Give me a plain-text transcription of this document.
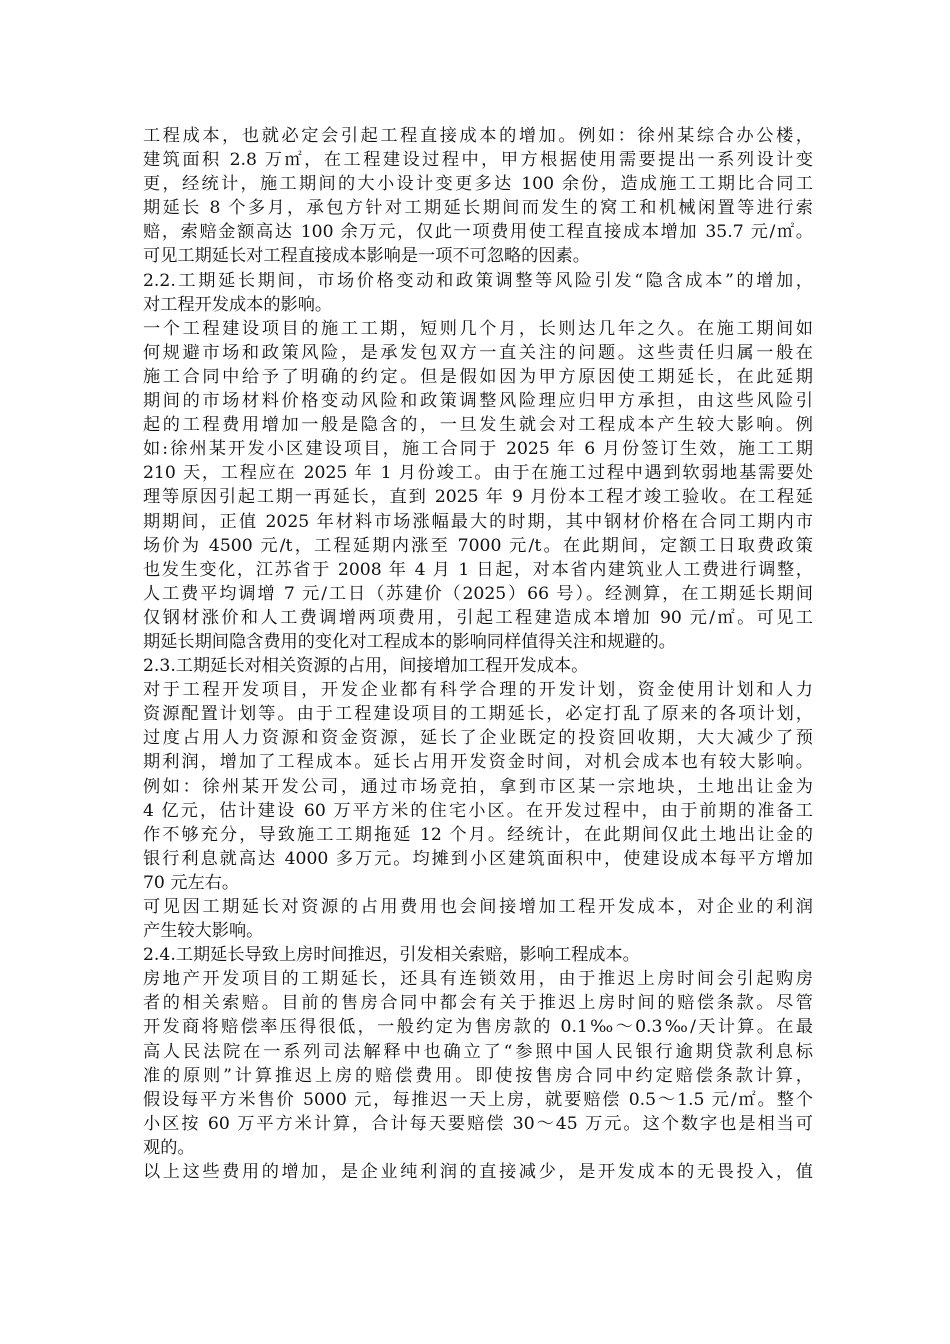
工程成本，也就必定会引起工程直接成本的增加。例如：徐州某综合办公楼，
建筑面积 2.8 万㎡，在工程建设过程中，甲方根据使用需要提出一系列设计变
更，经统计，施工期间的大小设计变更多达 100 余份，造成施工工期比合同工
期延长 8 个多月，承包方针对工期延长期间而发生的窝工和机械闲置等进行索
赔，索赔金额高达 100 余万元，仅此一项费用使工程直接成本增加 35.7 元/㎡。
可见工期延长对工程直接成本影响是一项不可忽略的因素。
2.2.工期延长期间，市场价格变动和政策调整等风险引发“隐含成本”的增加，
对工程开发成本的影响。
一个工程建设项目的施工工期，短则几个月，长则达几年之久。在施工期间如
何规避市场和政策风险，是承发包双方一直关注的问题。这些责任归属一般在
施工合同中给予了明确的约定。但是假如因为甲方原因使工期延长，在此延期
期间的市场材料价格变动风险和政策调整风险理应归甲方承担，由这些风险引
起的工程费用增加一般是隐含的，一旦发生就会对工程成本产生较大影响。例
如:徐州某开发小区建设项目，施工合同于 2025 年 6 月份签订生效，施工工期
210 天，工程应在 2025 年 1 月份竣工。由于在施工过程中遇到软弱地基需要处
理等原因引起工期一再延长，直到 2025 年 9 月份本工程才竣工验收。在工程延
期期间，正值 2025 年材料市场涨幅最大的时期，其中钢材价格在合同工期内市
场价为 4500 元/t，工程延期内涨至 7000 元/t。在此期间，定额工日取费政策
也发生变化，江苏省于 2008 年 4 月 1 日起，对本省内建筑业人工费进行调整，
人工费平均调增 7 元/工日（苏建价（2025）66 号）。经测算，在工期延长期间
仅钢材涨价和人工费调增两项费用，引起工程建造成本增加 90 元/㎡。可见工
期延长期间隐含费用的变化对工程成本的影响同样值得关注和规避的。
2.3.工期延长对相关资源的占用，间接增加工程开发成本。
对于工程开发项目，开发企业都有科学合理的开发计划，资金使用计划和人力
资源配置计划等。由于工程建设项目的工期延长，必定打乱了原来的各项计划，
过度占用人力资源和资金资源，延长了企业既定的投资回收期，大大减少了预
期利润，增加了工程成本。延长占用开发资金时间，对机会成本也有较大影响。
例如：徐州某开发公司，通过市场竞拍，拿到市区某一宗地块，土地出让金为
4 亿元，估计建设 60 万平方米的住宅小区。在开发过程中，由于前期的准备工
作不够充分，导致施工工期拖延 12 个月。经统计，在此期间仅此土地出让金的
银行利息就高达 4000 多万元。均摊到小区建筑面积中，使建设成本每平方增加
70 元左右。
可见因工期延长对资源的占用费用也会间接增加工程开发成本，对企业的利润
产生较大影响。
2.4.工期延长导致上房时间推迟，引发相关索赔，影响工程成本。
房地产开发项目的工期延长，还具有连锁效用，由于推迟上房时间会引起购房
者的相关索赔。目前的售房合同中都会有关于推迟上房时间的赔偿条款。尽管
开发商将赔偿率压得很低，一般约定为售房款的 0.1‰～0.3‰/天计算。在最
高人民法院在一系列司法解释中也确立了“参照中国人民银行逾期贷款利息标
准的原则”计算推迟上房的赔偿费用。即使按售房合同中约定赔偿条款计算，
假设每平方米售价 5000 元，每推迟一天上房，就要赔偿 0.5～1.5 元/㎡。整个
小区按 60 万平方米计算，合计每天要赔偿 30～45 万元。这个数字也是相当可
观的。
以上这些费用的增加，是企业纯利润的直接减少，是开发成本的无畏投入，值
